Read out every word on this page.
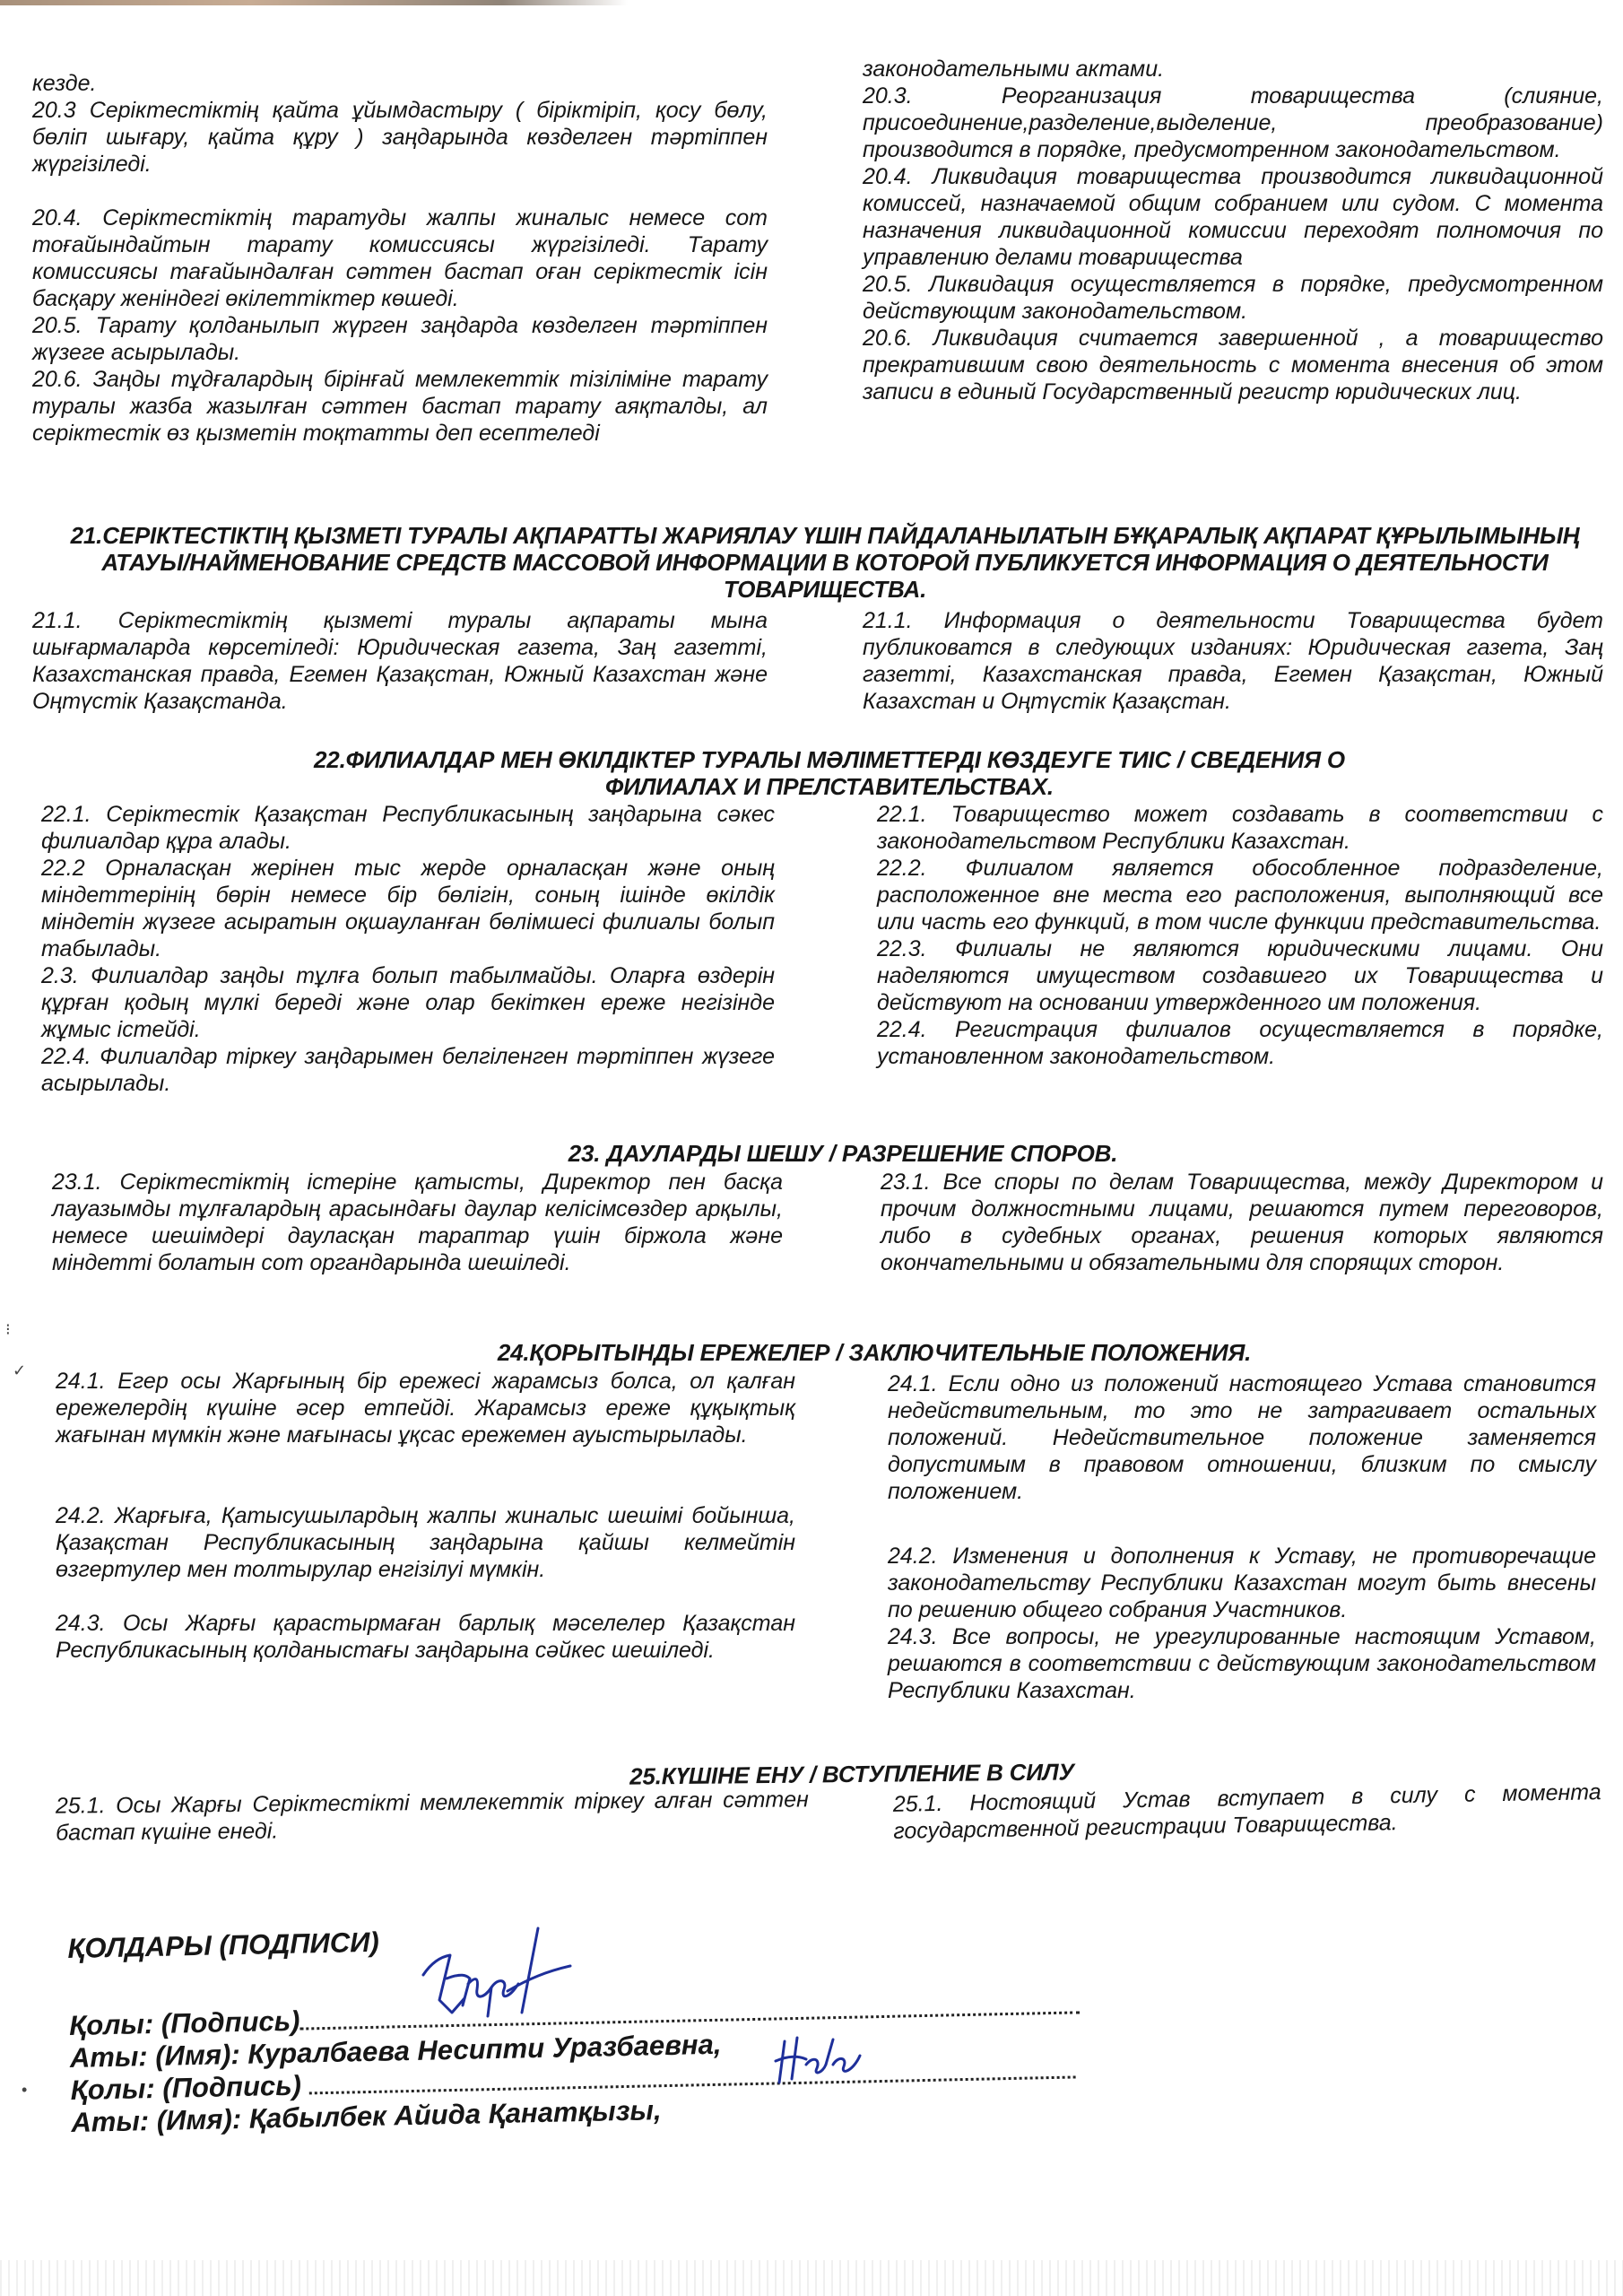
кезде.

20.3 Серіктестіктің қайта ұйымдастыру ( біріктіріп, қосу бөлу, бөліп шығару, қайта құру ) заңдарында көзделген тәртіппен жүргізіледі.

20.4. Серіктестіктің таратуды жалпы жиналыс немесе сот тоғайындайтын тарату комиссиясы жүргізіледі. Тарату комиссиясы тағайындалған сәттен бастап оған серіктестік ісін басқару женіндегі өкілеттіктер көшеді.

20.5. Тарату қолданылып жүрген заңдарда көзделген тәртіппен жүзеге асырылады.

20.6. Заңды тұдғалардың бірінғай мемлекеттік тізіліміне тарату туралы жазба жазылған сәттен бастап тарату аяқталды, ал серіктестік өз қызметін тоқтатты деп есептеледі

законодательными актами.

20.3. Реорганизация товарищества (слияние, присоединение,разделение,выделение, преобразование) производится в порядке, предусмотренном законодательством.

20.4. Ликвидация товарищества производится ликвидационной комиссей, назначаемой общим собранием или судом. С момента назначения ликвидационной комиссии переходят полномочия по управлению делами товарищества

20.5. Ликвидация осуществляется в порядке, предусмотренном действующим законодательством.

20.6. Ликвидация считается завершенной , а товарищество прекратившим свою деятельность с момента внесения об этом записи в единый Государственный регистр юридических лиц.

21.СЕРІКТЕСТІКТІҢ ҚЫЗМЕТІ ТУРАЛЫ АҚПАРАТТЫ ЖАРИЯЛАУ ҮШІН ПАЙДАЛАНЫЛАТЫН БҰҚАРАЛЫҚ АҚПАРАТ ҚҰРЫЛЫМЫНЫҢ АТАУЫ/НАЙМЕНОВАНИЕ СРЕДСТВ МАССОВОЙ ИНФОРМАЦИИ В КОТОРОЙ ПУБЛИКУЕТСЯ ИНФОРМАЦИЯ О ДЕЯТЕЛЬНОСТИ ТОВАРИЩЕСТВА.

21.1. Серіктестіктің қызметі туралы ақпараты мына шығармаларда көрсетіледі: Юридическая газета, Заң газетті, Казахстанская правда, Егемен Қазақстан, Южный Казахстан және Оңтүстік Қазақстанда.

21.1. Информация о деятельности Товарищества будет публиковатся в следующих изданиях: Юридическая газета, Заң газетті, Казахстанская правда, Егемен Қазақстан, Южный Казахстан и Оңтүстік Қазақстан.

22.ФИЛИАЛДАР МЕН ӨКІЛДІКТЕР ТУРАЛЫ МӘЛІМЕТТЕРДІ КӨЗДЕУГЕ ТИІС / СВЕДЕНИЯ О ФИЛИАЛАХ И ПРЕЛСТАВИТЕЛЬСТВАХ.

22.1. Серіктестік Қазақстан Республикасының заңдарына сәкес филиалдар құра алады.

22.2 Орналасқан жерінен тыс жерде орналасқан және оның міндеттерінің бөрін немесе бір бөлігін, соның ішінде өкілдік міндетін жүзеге асыратын оқшауланған бөлімшесі филиалы болып табылады.

2.3. Филиалдар заңды тұлға болып табылмайды. Оларға өздерін құрған қодың мүлкі береді және олар бекіткен ереже негізінде жұмыс істейді.

22.4. Филиалдар тіркеу заңдарымен белгіленген тәртіппен жүзеге асырылады.

22.1. Товарищество может создавать в соответствии с законодательством Республики Казахстан.

22.2. Филиалом является обособленное подразделение, расположенное вне места его расположения, выполняющий все или часть его функций, в том числе функции представительства.

22.3. Филиалы не являются юридическими лицами. Они наделяются имуществом создавшего их Товарищества и действуют на основании утвержденного им положения.

22.4. Регистрация филиалов осуществляется в порядке, установленном законодательством.

23. ДАУЛАРДЫ ШЕШУ / РАЗРЕШЕНИЕ СПОРОВ.

23.1. Серіктестіктің істеріне қатысты, Директор пен басқа лауазымды тұлғалардың арасындағы даулар келісімсөздер арқылы, немесе шешімдері дауласқан тараптар үшін біржола және міндетті болатын сот органдарында шешіледі.

23.1. Все споры по делам Товарищества, между Директором и прочим должностными лицами, решаются путем переговоров, либо в судебных органах, решения которых являются окончательными и обязательными для спорящих сторон.

24.ҚОРЫТЫНДЫ ЕРЕЖЕЛЕР / ЗАКЛЮЧИТЕЛЬНЫЕ ПОЛОЖЕНИЯ.

24.1. Егер осы Жарғының бір ережесі жарамсыз болса, ол қалған ережелердің күшіне әсер етпейді. Жарамсыз ереже құқықтық жағынан мүмкін және мағынасы ұқсас ережемен ауыстырылады.

24.2. Жарғыға, Қатысушылардың жалпы жиналыс шешімі бойынша, Қазақстан Республикасының заңдарына қайшы келмейтін өзгертулер мен толтырулар енгізілуі мүмкін.

24.3. Осы Жарғы қарастырмаған барлық мәселелер Қазақстан Республикасының қолданыстағы заңдарына сәйкес шешіледі.

24.1. Если одно из положений настоящего Устава становится недействительным, то это не затрагивает остальных положений. Недействительное положение заменяется допустимым в правовом отношении, близким по смыслу положением.

24.2. Изменения и дополнения к Уставу, не противоречащие законодательству Республики Казахстан могут быть внесены по решению общего собрания Участников.

24.3. Все вопросы, не урегулированные настоящим Уставом, решаются в соответствии с действующим законодательством Республики Казахстан.

25.КҮШІНЕ ЕНУ / ВСТУПЛЕНИЕ В СИЛУ

25.1. Осы Жарғы Серіктестікті мемлекеттік тіркеу алған сәттен бастап күшіне енеді.

25.1. Ностоящий Устав вступает в силу с момента государственной регистрации Товарищества.

ҚОЛДАРЫ (ПОДПИСИ)
Қолы: (Подпись)
Аты: (Имя): Куралбаева Несипти Уразбаевна,
Қолы: (Подпись)
Аты: (Имя): Қабылбек Айида Қанатқызы,
⁝
✓
•
